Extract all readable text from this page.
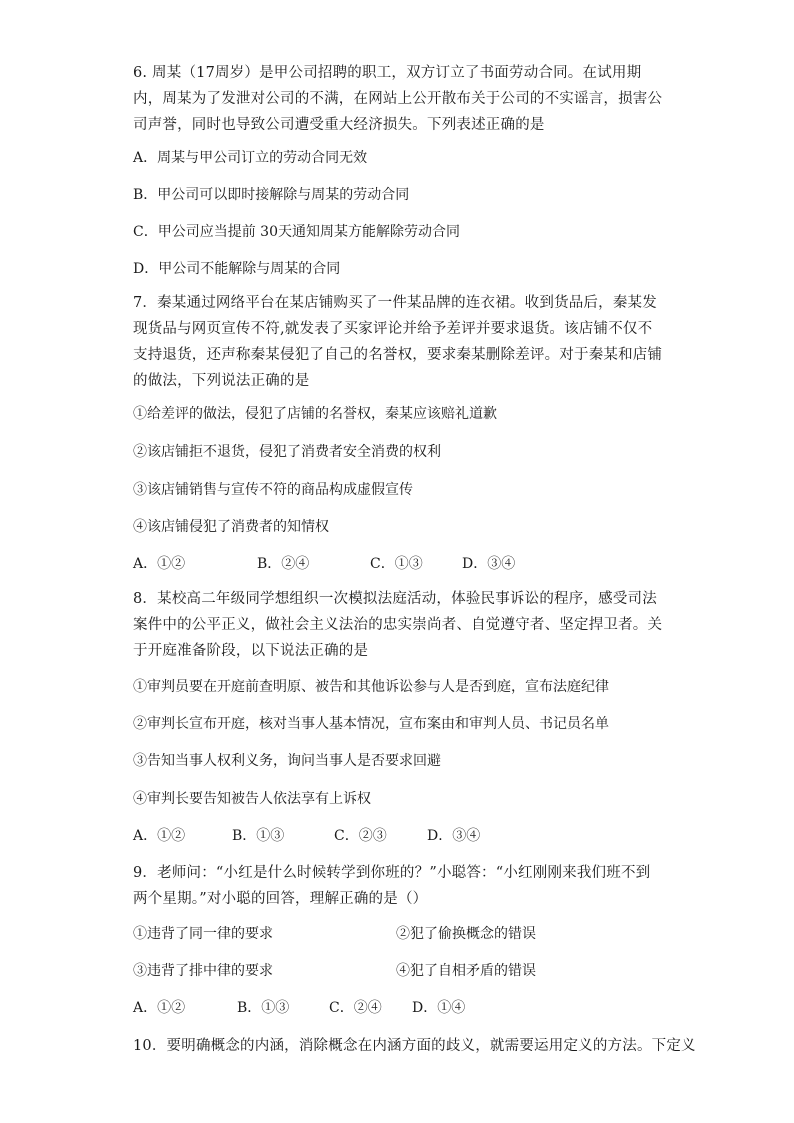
6. 周某（17周岁）是甲公司招聘的职工，双方订立了书面劳动合同。在试用期内，周某为了发泄对公司的不满，在网站上公开散布关于公司的不实谣言，损害公司声誉，同时也导致公司遭受重大经济损失。下列表述正确的是
A．周某与甲公司订立的劳动合同无效
B．甲公司可以即时接解除与周某的劳动合同
C．甲公司应当提前 30天通知周某方能解除劳动合同
D．甲公司不能解除与周某的合同
7．秦某通过网络平台在某店铺购买了一件某品牌的连衣裙。收到货品后，秦某发现货品与网页宣传不符,就发表了买家评论并给予差评并要求退货。该店铺不仅不支持退货，还声称秦某侵犯了自己的名誉权，要求秦某删除差评。对于秦某和店铺的做法，下列说法正确的是
①给差评的做法，侵犯了店铺的名誉权，秦某应该赔礼道歉
②该店铺拒不退货，侵犯了消费者安全消费的权利
③该店铺销售与宣传不符的商品构成虚假宣传
④该店铺侵犯了消费者的知情权
A．①②	B．②④	C．①③	D．③④
8．某校高二年级同学想组织一次模拟法庭活动，体验民事诉讼的程序，感受司法案件中的公平正义，做社会主义法治的忠实崇尚者、自觉遵守者、坚定捍卫者。关于开庭准备阶段，以下说法正确的是
①审判员要在开庭前查明原、被告和其他诉讼参与人是否到庭，宣布法庭纪律
②审判长宣布开庭，核对当事人基本情况，宣布案由和审判人员、书记员名单
③告知当事人权利义务，询问当事人是否要求回避
④审判长要告知被告人依法享有上诉权
A．①②	B．①③	C．②③	D．③④
9．老师问：“小红是什么时候转学到你班的？”小聪答：“小红刚刚来我们班不到两个星期。”对小聪的回答，理解正确的是（）
①违背了同一律的要求	②犯了偷换概念的错误
③违背了排中律的要求	④犯了自相矛盾的错误
A．①②	B．①③	C．②④ D．①④
10．要明确概念的内涵，消除概念在内涵方面的歧义，就需要运用定义的方法。下定义
